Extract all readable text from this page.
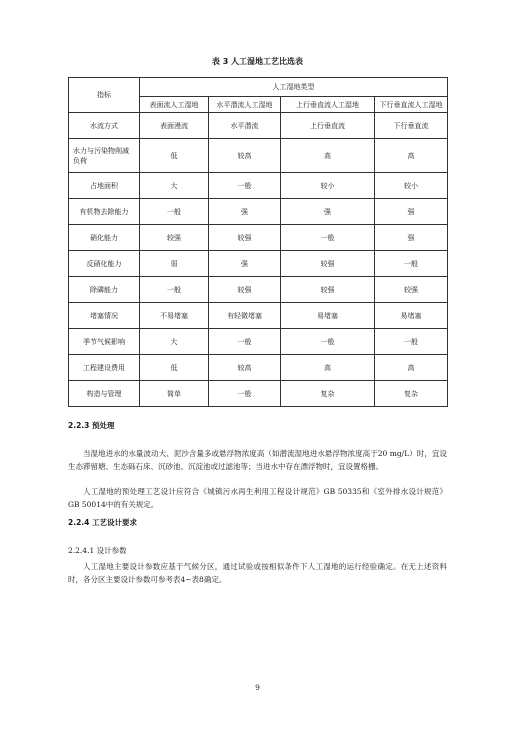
表 3 人工湿地工艺比选表
指标	人工湿地类型			
	表面流人工湿地	水平潜流人工湿地	上行垂直流人工湿地	下行垂直流人工湿地
水流方式	表面漫流	水平潜流	上行垂直流	下行垂直流
水力与污染物削减负荷	低	较高	高	高
占地面积	大	一般	较小	较小
有机物去除能力	一般	强	强	强
硝化能力	较强	较强	一般	强
反硝化能力	弱	强	较强	一般
除磷能力	一般	较强	较强	较强
堵塞情况	不易堵塞	有轻微堵塞	易堵塞	易堵塞
季节气候影响	大	一般	一般	一般
工程建设费用	低	较高	高	高
构造与管理	简单	一般	复杂	复杂
2.2.3 预处理

当湿地进水的水量波动大、泥沙含量多或悬浮物浓度高（如潜流湿地进水悬浮物浓度高于20 mg/L）时，宜设生态滞留塘、生态砾石床、沉砂池、沉淀池或过滤池等；当进水中存在漂浮物时，宜设置格栅。

人工湿地的预处理工艺设计应符合《城镇污水再生利用工程设计规范》GB 50335和《室外排水设计规范》GB 50014中的有关规定。

2.2.4 工艺设计要求
2.2.4.1 设计参数

人工湿地主要设计参数应基于气候分区，通过试验或按相似条件下人工湿地的运行经验确定。在无上述资料时，各分区主要设计参数可参考表4~表8确定。

9
